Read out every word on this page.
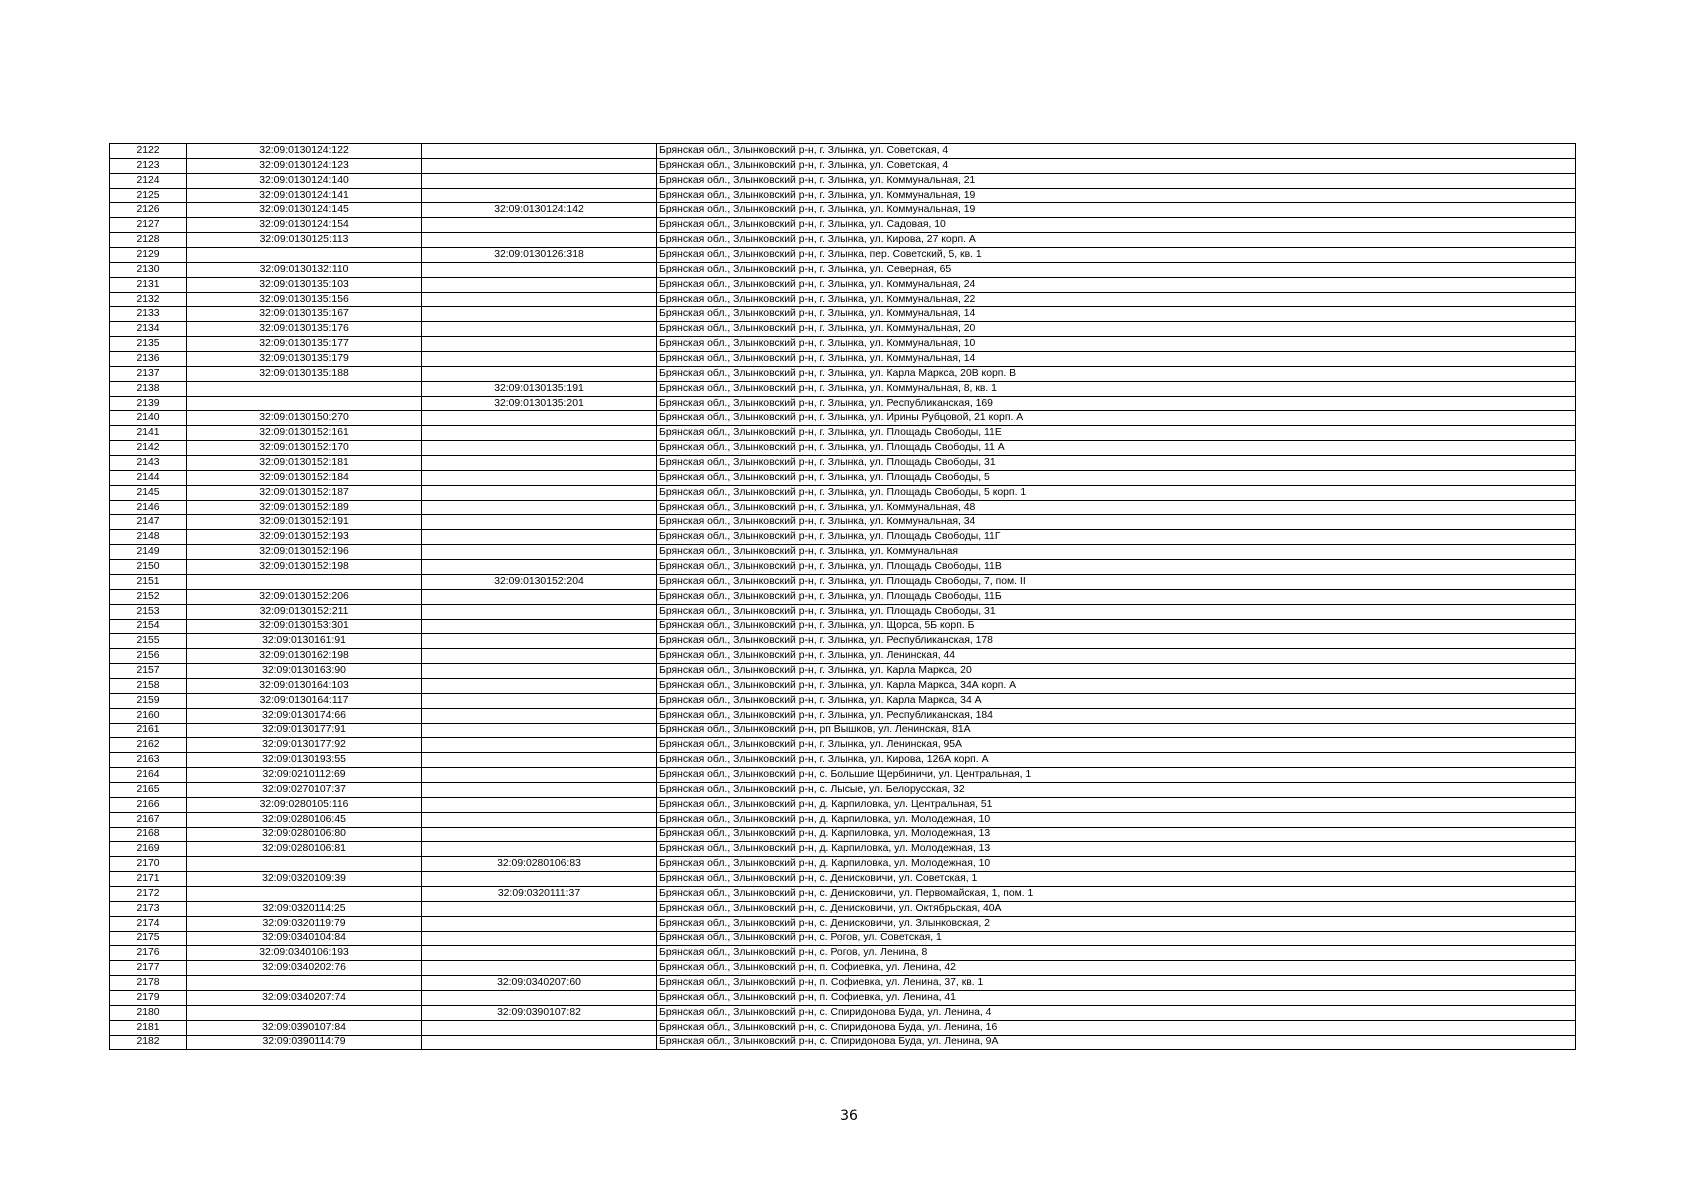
2122	32:09:0130124:122		Брянская обл., Злынковский р-н, г. Злынка, ул. Советская, 4
2123	32:09:0130124:123		Брянская обл., Злынковский р-н, г. Злынка, ул. Советская, 4
2124	32:09:0130124:140		Брянская обл., Злынковский р-н, г. Злынка, ул. Коммунальная, 21
2125	32:09:0130124:141		Брянская обл., Злынковский р-н, г. Злынка, ул. Коммунальная, 19
2126	32:09:0130124:145	32:09:0130124:142	Брянская обл., Злынковский р-н, г. Злынка, ул. Коммунальная, 19
2127	32:09:0130124:154		Брянская обл., Злынковский р-н, г. Злынка, ул. Садовая, 10
2128	32:09:0130125:113		Брянская обл., Злынковский р-н, г. Злынка, ул. Кирова, 27 корп. А
2129		32:09:0130126:318	Брянская обл., Злынковский р-н, г. Злынка, пер. Советский, 5, кв. 1
2130	32:09:0130132:110		Брянская обл., Злынковский р-н, г. Злынка, ул. Северная, 65
2131	32:09:0130135:103		Брянская обл., Злынковский р-н, г. Злынка, ул. Коммунальная, 24
2132	32:09:0130135:156		Брянская обл., Злынковский р-н, г. Злынка, ул. Коммунальная, 22
2133	32:09:0130135:167		Брянская обл., Злынковский р-н, г. Злынка, ул. Коммунальная, 14
2134	32:09:0130135:176		Брянская обл., Злынковский р-н, г. Злынка, ул. Коммунальная, 20
2135	32:09:0130135:177		Брянская обл., Злынковский р-н, г. Злынка, ул. Коммунальная, 10
2136	32:09:0130135:179		Брянская обл., Злынковский р-н, г. Злынка, ул. Коммунальная, 14
2137	32:09:0130135:188		Брянская обл., Злынковский р-н, г. Злынка, ул. Карла Маркса, 20В корп. В
2138		32:09:0130135:191	Брянская обл., Злынковский р-н, г. Злынка, ул. Коммунальная, 8, кв. 1
2139		32:09:0130135:201	Брянская обл., Злынковский р-н, г. Злынка, ул. Республиканская, 169
2140	32:09:0130150:270		Брянская обл., Злынковский р-н, г. Злынка, ул. Ирины Рубцовой, 21 корп. А
2141	32:09:0130152:161		Брянская обл., Злынковский р-н, г. Злынка, ул. Площадь Свободы, 11Е
2142	32:09:0130152:170		Брянская обл., Злынковский р-н, г. Злынка, ул. Площадь Свободы, 11 А
2143	32:09:0130152:181		Брянская обл., Злынковский р-н, г. Злынка, ул. Площадь Свободы, 31
2144	32:09:0130152:184		Брянская обл., Злынковский р-н, г. Злынка, ул. Площадь Свободы, 5
2145	32:09:0130152:187		Брянская обл., Злынковский р-н, г. Злынка, ул. Площадь Свободы, 5 корп. 1
2146	32:09:0130152:189		Брянская обл., Злынковский р-н, г. Злынка, ул. Коммунальная, 48
2147	32:09:0130152:191		Брянская обл., Злынковский р-н, г. Злынка, ул. Коммунальная, 34
2148	32:09:0130152:193		Брянская обл., Злынковский р-н, г. Злынка, ул. Площадь Свободы, 11Г
2149	32:09:0130152:196		Брянская обл., Злынковский р-н, г. Злынка, ул. Коммунальная
2150	32:09:0130152:198		Брянская обл., Злынковский р-н, г. Злынка, ул. Площадь Свободы, 11В
2151		32:09:0130152:204	Брянская обл., Злынковский р-н, г. Злынка, ул. Площадь Свободы, 7, пом. II
2152	32:09:0130152:206		Брянская обл., Злынковский р-н, г. Злынка, ул. Площадь Свободы, 11Б
2153	32:09:0130152:211		Брянская обл., Злынковский р-н, г. Злынка, ул. Площадь Свободы, 31
2154	32:09:0130153:301		Брянская обл., Злынковский р-н, г. Злынка, ул. Щорса, 5Б корп. Б
2155	32:09:0130161:91		Брянская обл., Злынковский р-н, г. Злынка, ул. Республиканская, 178
2156	32:09:0130162:198		Брянская обл., Злынковский р-н, г. Злынка, ул. Ленинская, 44
2157	32:09:0130163:90		Брянская обл., Злынковский р-н, г. Злынка, ул. Карла Маркса, 20
2158	32:09:0130164:103		Брянская обл., Злынковский р-н, г. Злынка, ул. Карла Маркса, 34А корп. А
2159	32:09:0130164:117		Брянская обл., Злынковский р-н, г. Злынка, ул. Карла Маркса, 34 А
2160	32:09:0130174:66		Брянская обл., Злынковский р-н, г. Злынка, ул. Республиканская, 184
2161	32:09:0130177:91		Брянская обл., Злынковский р-н, рп Вышков, ул. Ленинская, 81А
2162	32:09:0130177:92		Брянская обл., Злынковский р-н, г. Злынка, ул. Ленинская, 95А
2163	32:09:0130193:55		Брянская обл., Злынковский р-н, г. Злынка, ул. Кирова, 126А корп. А
2164	32:09:0210112:69		Брянская обл., Злынковский р-н, с. Большие Щербиничи, ул. Центральная, 1
2165	32:09:0270107:37		Брянская обл., Злынковский р-н, с. Лысые, ул. Белорусская, 32
2166	32:09:0280105:116		Брянская обл., Злынковский р-н, д. Карпиловка, ул. Центральная, 51
2167	32:09:0280106:45		Брянская обл., Злынковский р-н, д. Карпиловка, ул. Молодежная, 10
2168	32:09:0280106:80		Брянская обл., Злынковский р-н, д. Карпиловка, ул. Молодежная, 13
2169	32:09:0280106:81		Брянская обл., Злынковский р-н, д. Карпиловка, ул. Молодежная, 13
2170		32:09:0280106:83	Брянская обл., Злынковский р-н, д. Карпиловка, ул. Молодежная, 10
2171	32:09:0320109:39		Брянская обл., Злынковский р-н, с. Денисковичи, ул. Советская, 1
2172		32:09:0320111:37	Брянская обл., Злынковский р-н, с. Денисковичи, ул. Первомайская, 1, пом. 1
2173	32:09:0320114:25		Брянская обл., Злынковский р-н, с. Денисковичи, ул. Октябрьская, 40А
2174	32:09:0320119:79		Брянская обл., Злынковский р-н, с. Денисковичи, ул. Злынковская, 2
2175	32:09:0340104:84		Брянская обл., Злынковский р-н, с. Рогов, ул. Советская, 1
2176	32:09:0340106:193		Брянская обл., Злынковский р-н, с. Рогов, ул. Ленина, 8
2177	32:09:0340202:76		Брянская обл., Злынковский р-н, п. Софиевка, ул. Ленина, 42
2178		32:09:0340207:60	Брянская обл., Злынковский р-н, п. Софиевка, ул. Ленина, 37, кв. 1
2179	32:09:0340207:74		Брянская обл., Злынковский р-н, п. Софиевка, ул. Ленина, 41
2180		32:09:0390107:82	Брянская обл., Злынковский р-н, с. Спиридонова Буда, ул. Ленина, 4
2181	32:09:0390107:84		Брянская обл., Злынковский р-н, с. Спиридонова Буда, ул. Ленина, 16
2182	32:09:0390114:79		Брянская обл., Злынковский р-н, с. Спиридонова Буда, ул. Ленина, 9А
36
